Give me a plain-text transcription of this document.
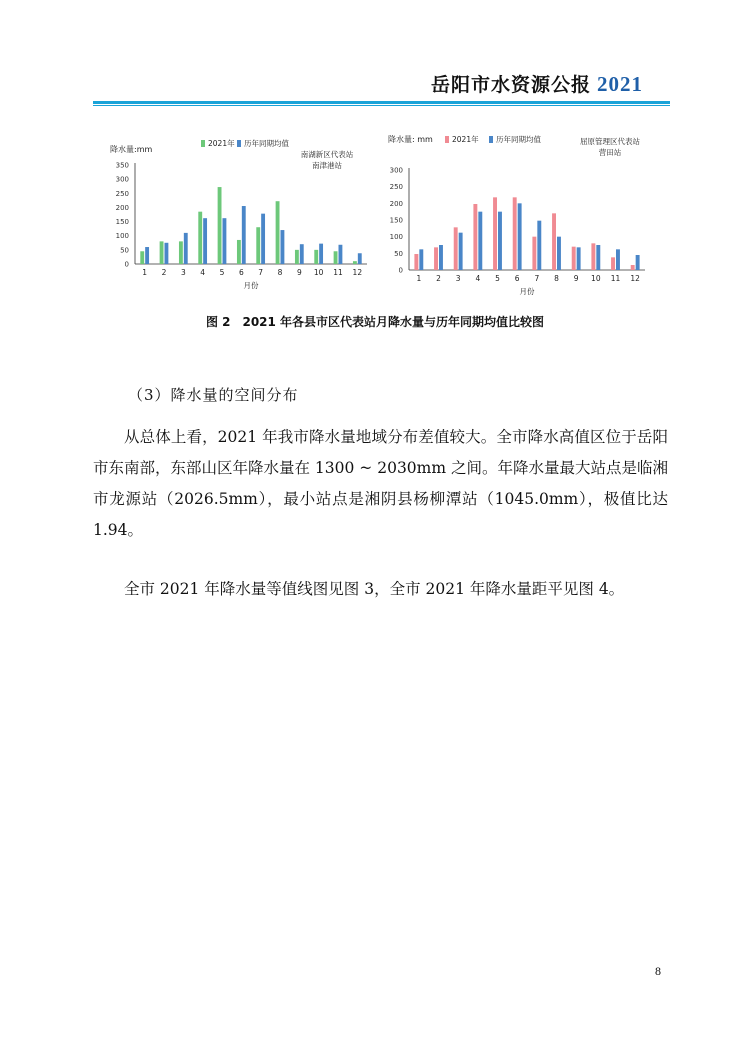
岳阳市水资源公报 2021
降水量:mm
南湖新区代表站
南津港站
2021年 历年同期均值
0
50
100
150
200
250
300
350
1 2 3 4 5 6 7 8 9 10 11 12
月份
降水量: mm	屈原管理区代表站
营田站
2021年 历年同期均值
0
50
100
150
200
250
300
1 2 3 4 5 6 7 8 9 10 11 12
月份
图 2　2021 年各县市区代表站月降水量与历年同期均值比较图
（3）降水量的空间分布

从总体上看，2021 年我市降水量地域分布差值较大。全市降水高值区位于岳阳市东南部，东部山区年降水量在 1300 ~ 2030mm 之间。年降水量最大站点是临湘市龙源站（2026.5mm），最小站点是湘阴县杨柳潭站（1045.0mm），极值比达 1.94。

全市 2021 年降水量等值线图见图 3，全市 2021 年降水量距平见图 4。

8
